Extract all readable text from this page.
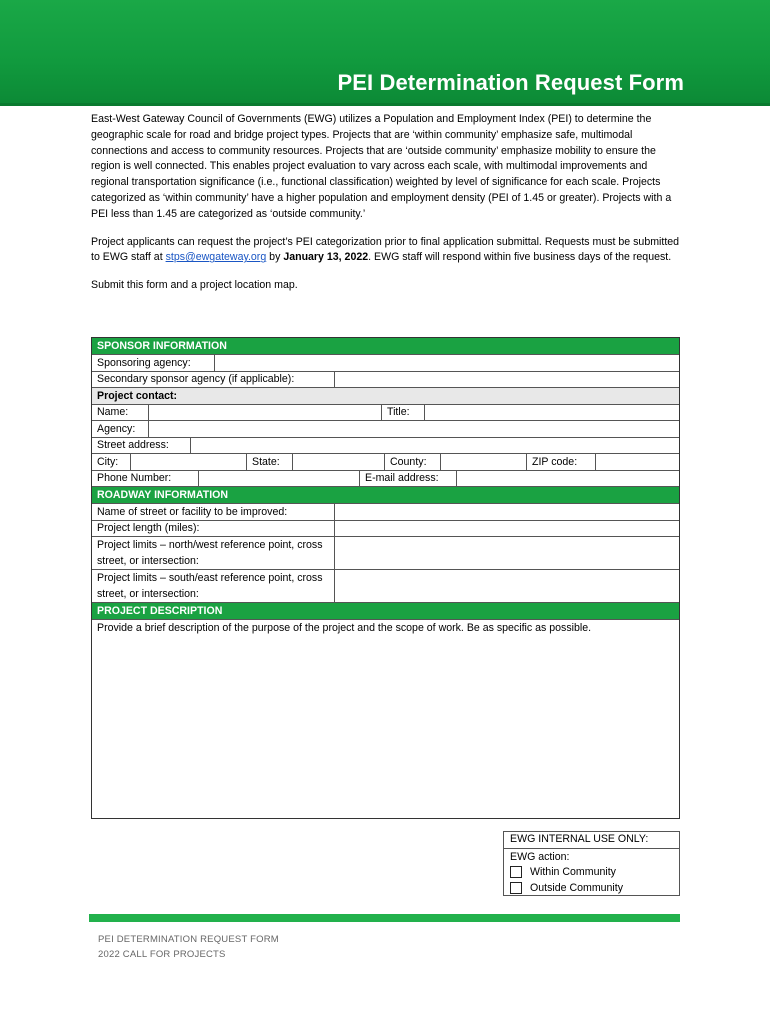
PEI Determination Request Form

East-West Gateway Council of Governments (EWG) utilizes a Population and Employment Index (PEI) to determine the geographic scale for road and bridge project types. Projects that are ‘within community’ emphasize safe, multimodal connections and access to community resources. Projects that are ‘outside community’ emphasize mobility to ensure the region is well connected. This enables project evaluation to vary across each scale, with multimodal improvements and regional transportation significance (i.e., functional classification) weighted by level of significance for each scale. Projects categorized as ‘within community’ have a higher population and employment density (PEI of 1.45 or greater). Projects with a PEI less than 1.45 are categorized as ‘outside community.’

Project applicants can request the project’s PEI categorization prior to final application submittal. Requests must be submitted to EWG staff at stps@ewgateway.org by January 13, 2022. EWG staff will respond within five business days of the request.

Submit this form and a project location map.

SPONSOR INFORMATION
Sponsoring agency:
Secondary sponsor agency (if applicable):
Project contact:
Name:	Title:
Agency:
Street address:
City:	State:	County:	ZIP code:
Phone Number:	E-mail address:
ROADWAY INFORMATION
Name of street or facility to be improved:
Project length (miles):
Project limits – north/west reference point, cross street, or intersection:
Project limits – south/east reference point, cross street, or intersection:
PROJECT DESCRIPTION
Provide a brief description of the purpose of the project and the scope of work. Be as specific as possible.
EWG INTERNAL USE ONLY:
EWG action:
Within Community
Outside Community
PEI DETERMINATION REQUEST FORM
2022 CALL FOR PROJECTS
